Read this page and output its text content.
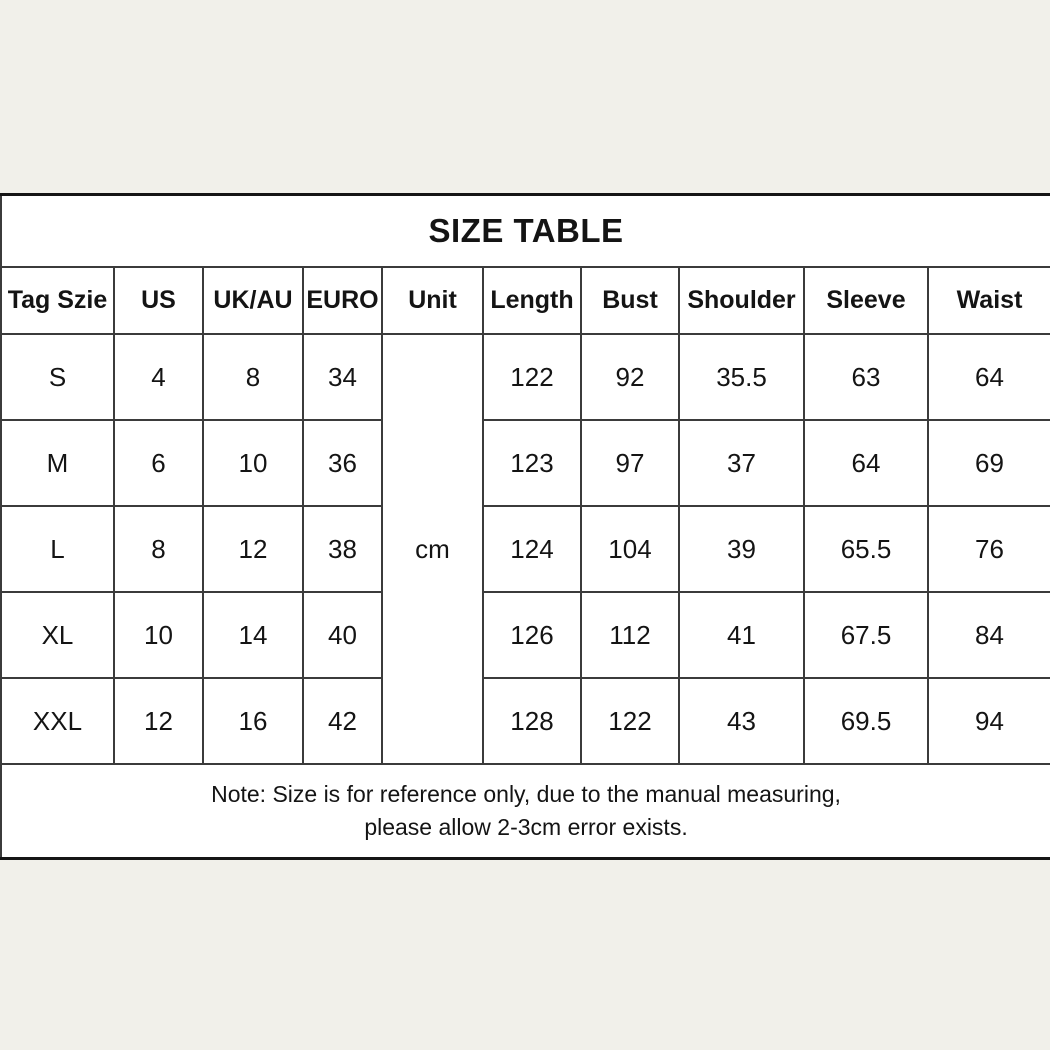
SIZE TABLE									
Tag Szie	US	UK/AU	EURO	Unit	Length	Bust	Shoulder	Sleeve	Waist
S	4	8	34	cm	122	92	35.5	63	64
M	6	10	36		123	97	37	64	69
L	8	12	38		124	104	39	65.5	76
XL	10	14	40		126	112	41	67.5	84
XXL	12	16	42		128	122	43	69.5	94

Note: Size is for reference only, due to the manual measuring,
please allow 2-3cm error exists.									
